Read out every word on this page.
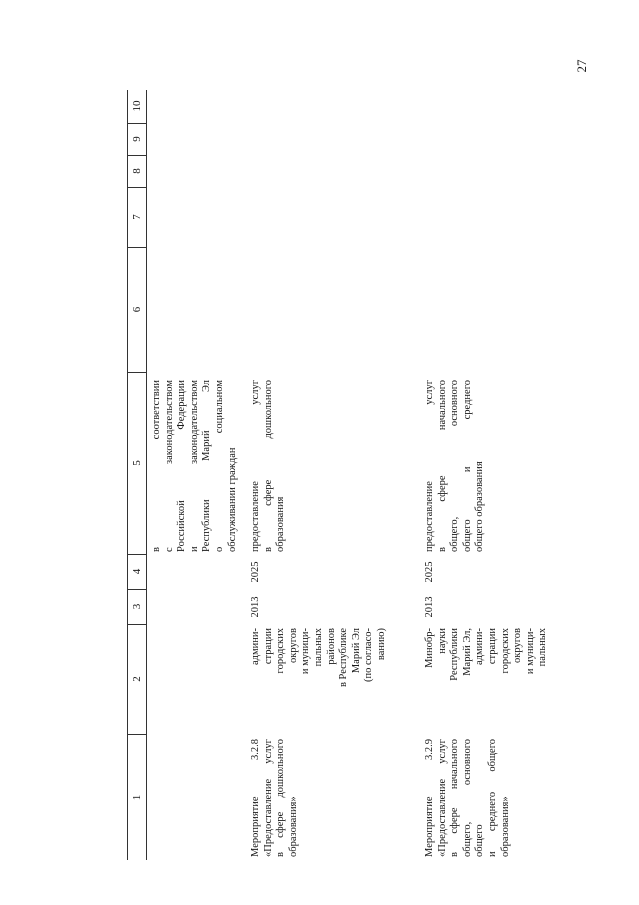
27
1
2
3
4
5
6
7
8
9
10
в соответствии с законодательством Российской Федерации и законодательством Республики Марий Эл о социальном обслуживании граждан
Мероприятие 3.2.8 «Предоставление услуг в сфере дошкольного образования»
админи- страции городских округов и муници- пальных районов в Республике Марий Эл (по согласо- ванию)
2013
2025
предоставление услуг в сфере дошкольного образования
Мероприятие 3.2.9 «Предоставление услуг в сфере начального общего, основного общего и среднего общего образования»
Минобр- науки Республики Марий Эл, админи- страции городских округов и муници- пальных
2013
2025
предоставление услуг в сфере начального общего, основного общего и среднего общего образования
